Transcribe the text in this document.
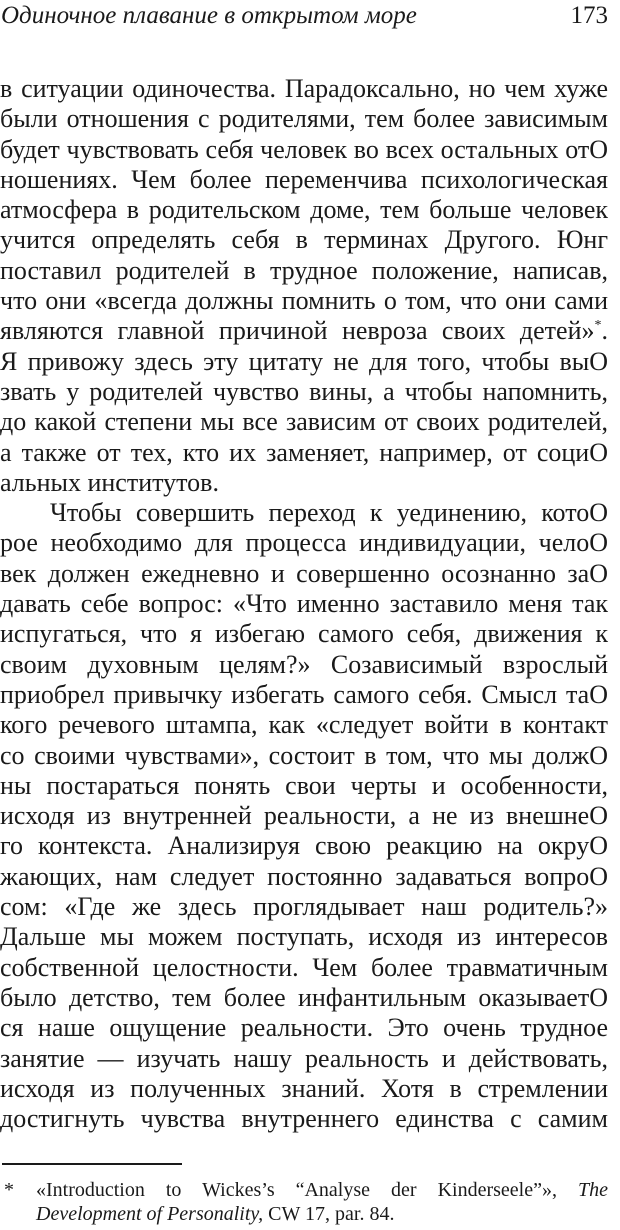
Одиночное плавание в открытом море	173
в ситуации одиночества. Парадоксально, но чем хуже
были отношения с родителями, тем более зависимым
будет чувствовать себя человек во всех остальных отO
ношениях. Чем более переменчива психологическая
атмосфера в родительском доме, тем больше человек
учится определять себя в терминах Другого. Юнг
поставил родителей в трудное положение, написав,
что они «всегда должны помнить о том, что они сами
являются главной причиной невроза своих детей»*.
Я привожу здесь эту цитату не для того, чтобы выO
звать у родителей чувство вины, а чтобы напомнить,
до какой степени мы все зависим от своих родителей,
а также от тех, кто их заменяет, например, от социO
альных институтов.
Чтобы совершить переход к уединению, котоO
рое необходимо для процесса индивидуации, челоO
век должен ежедневно и совершенно осознанно заO
давать себе вопрос: «Что именно заставило меня так
испугаться, что я избегаю самого себя, движения к
своим духовным целям?» Созависимый взрослый
приобрел привычку избегать самого себя. Смысл таO
кого речевого штампа, как «следует войти в контакт
со своими чувствами», состоит в том, что мы должO
ны постараться понять свои черты и особенности,
исходя из внутренней реальности, а не из внешнеO
го контекста. Анализируя свою реакцию на окруO
жающих, нам следует постоянно задаваться вопроO
сом: «Где же здесь проглядывает наш родитель?»
Дальше мы можем поступать, исходя из интересов
собственной целостности. Чем более травматичным
было детство, тем более инфантильным оказываетO
ся наше ощущение реальности. Это очень трудное
занятие — изучать нашу реальность и действовать,
исходя из полученных знаний. Хотя в стремлении
достигнуть чувства внутреннего единства с самим
*	«Introduction to Wickes’s “Analyse der Kinderseele”», The
Development of Personality, CW 17, par. 84.
